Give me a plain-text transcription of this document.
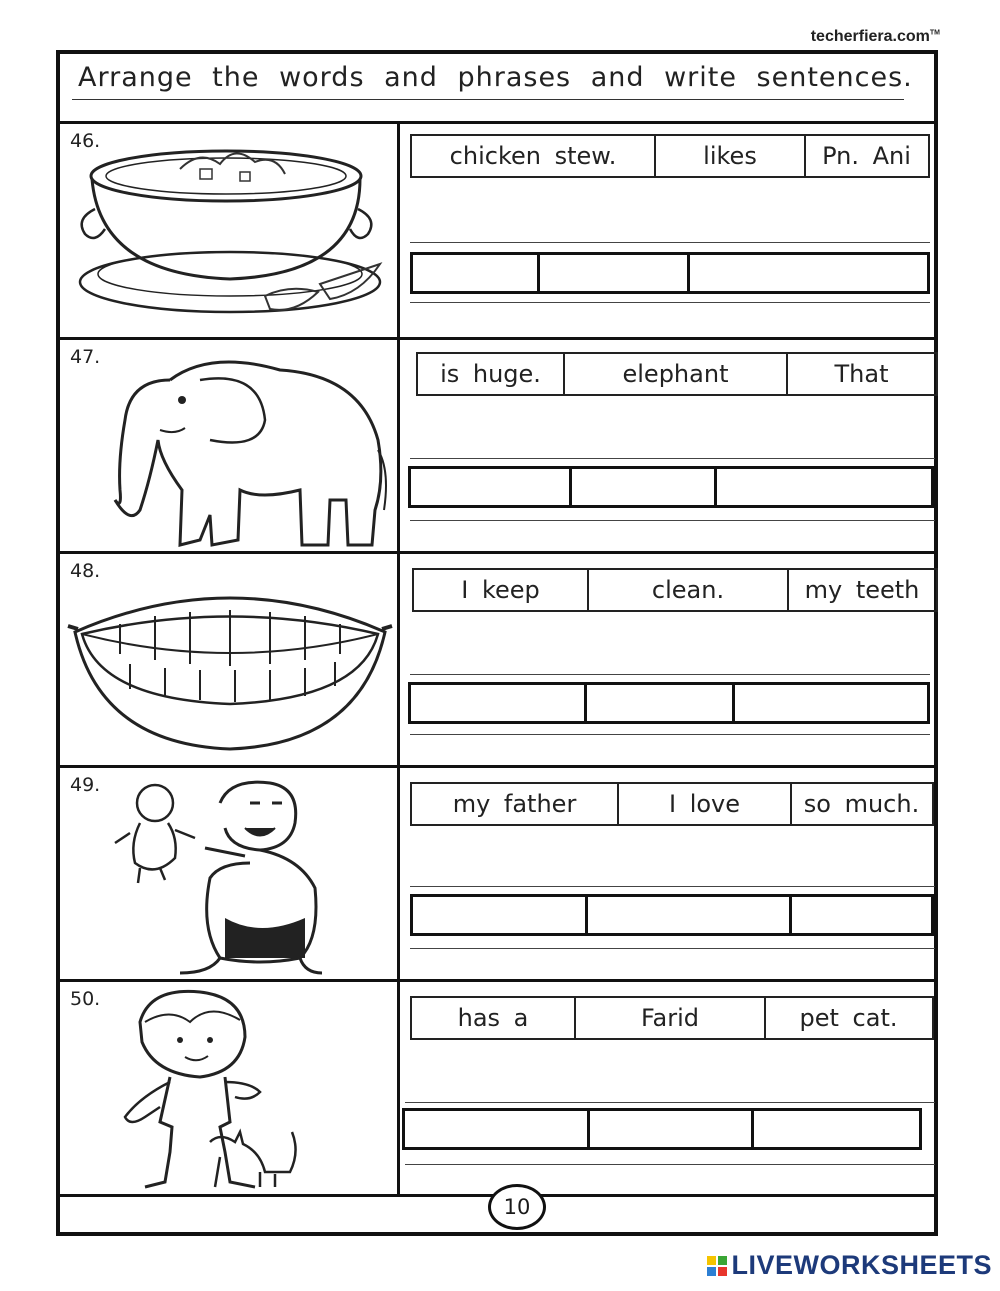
techerfiera.com™
Arrange the words and phrases and write sentences.
46.
chicken stew.	likes	Pn. Ani
47.
is huge.	elephant	That
48.
I keep	clean.	my teeth
49.
my father	I love	so much.
50.
has a	Farid	pet cat.
10
LIVEWORKSHEETS
